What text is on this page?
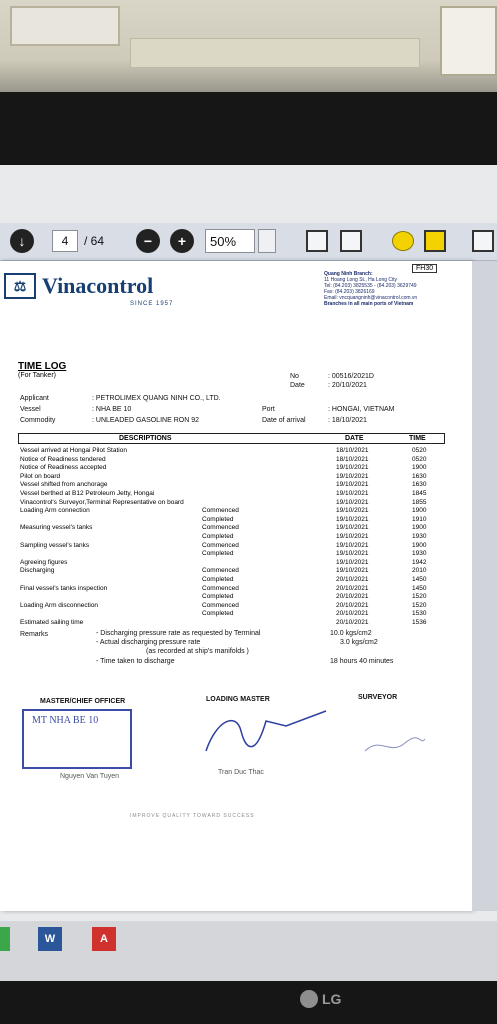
↓	4	/ 64	−	+	50%
⚖ Vinacontrol
SINCE 1957
FH30
Quang Ninh Branch:
11 Hoang Long St., Ha Long City
Tel: (84.203) 3825535 - (84.203) 3629749
Fax: (84.203) 3826169
Email: vncquangninh@vinacontrol.com.vn
Branches in all main ports of Vietnam
TIME LOG
(For Tanker)	No	: 00516/2021D
Date	: 20/10/2021
Applicant	: PETROLIMEX QUANG NINH CO., LTD.
Vessel	: NHA BE 10	Port	: HONGAI, VIETNAM
Commodity	: UNLEADED GASOLINE RON 92	Date of arrival	: 18/10/2021
DESCRIPTIONS	DATE	TIME
Vessel arrived at Hongai Pilot Station	18/10/2021	0520
Notice of Readiness tendered	18/10/2021	0520
Notice of Readiness accepted	19/10/2021	1900
Pilot on board	19/10/2021	1630
Vessel shifted from anchorage	19/10/2021	1630
Vessel berthed at B12 Petroleum Jetty, Hongai	19/10/2021	1845
Vinacontrol's Surveyor,Terminal Representative on board	19/10/2021	1855
Loading Arm connection	Commenced	19/10/2021	1900
Completed	19/10/2021	1910
Measuring vessel's tanks	Commenced	19/10/2021	1900
Completed	19/10/2021	1930
Sampling vessel's tanks	Commenced	19/10/2021	1900
Completed	19/10/2021	1930
Agreeing figures	19/10/2021	1942
Discharging	Commenced	19/10/2021	2010
Completed	20/10/2021	1450
Final vessel's tanks inspection	Commenced	20/10/2021	1450
Completed	20/10/2021	1520
Loading Arm disconnection	Commenced	20/10/2021	1520
Completed	20/10/2021	1530
Estimated sailing time	20/10/2021	1536
Remarks	- Discharging pressure rate as requested by Terminal	10.0 kgs/cm2
- Actual discharging pressure rate	3.0 kgs/cm2
(as recorded at ship's manifolds )
- Time taken to discharge	18 hours 40 minutes
MASTER/CHIEF OFFICER	LOADING MASTER	SURVEYOR
MT NHA BE 10
Nguyen Van Tuyen
Tran Duc Thac
IMPROVE QUALITY TOWARD SUCCESS
W	A
LG
